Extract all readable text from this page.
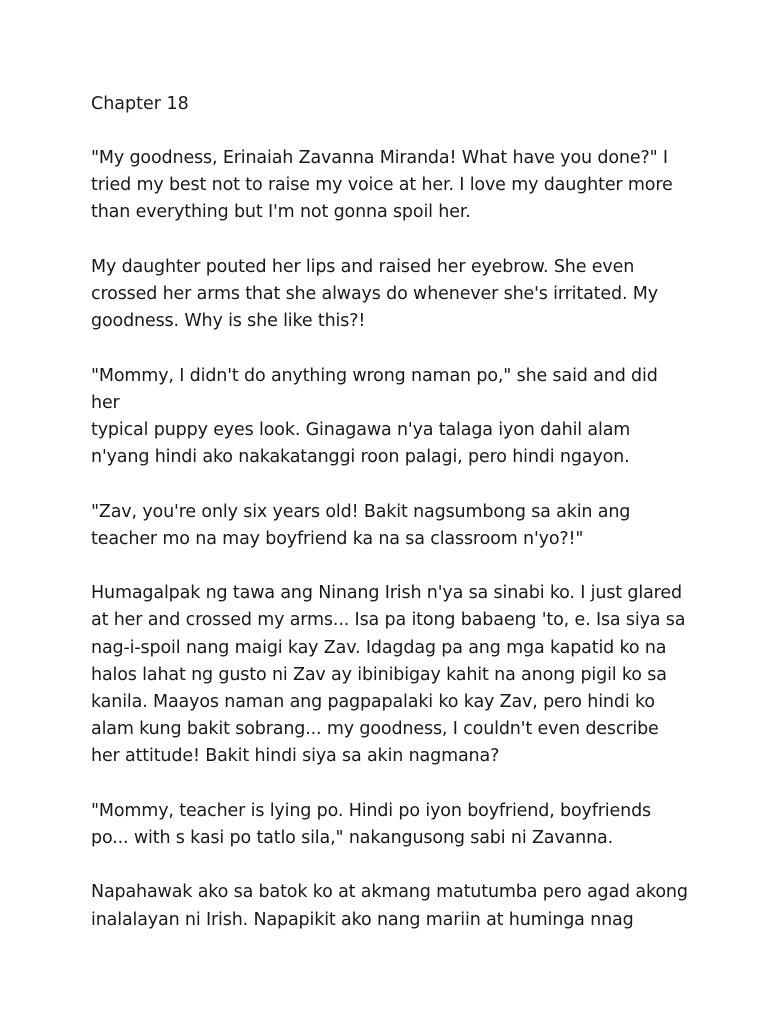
Chapter 18

"My goodness, Erinaiah Zavanna Miranda! What have you done?" I
tried my best not to raise my voice at her. I love my daughter more
than everything but I'm not gonna spoil her.

My daughter pouted her lips and raised her eyebrow. She even
crossed her arms that she always do whenever she's irritated. My
goodness. Why is she like this?!

"Mommy, I didn't do anything wrong naman po," she said and did her
typical puppy eyes look. Ginagawa n'ya talaga iyon dahil alam
n'yang hindi ako nakakatanggi roon palagi, pero hindi ngayon.

"Zav, you're only six years old! Bakit nagsumbong sa akin ang
teacher mo na may boyfriend ka na sa classroom n'yo?!"

Humagalpak ng tawa ang Ninang Irish n'ya sa sinabi ko. I just glared
at her and crossed my arms... Isa pa itong babaeng 'to, e. Isa siya sa
nag-i-spoil nang maigi kay Zav. Idagdag pa ang mga kapatid ko na
halos lahat ng gusto ni Zav ay ibinibigay kahit na anong pigil ko sa
kanila. Maayos naman ang pagpapalaki ko kay Zav, pero hindi ko
alam kung bakit sobrang... my goodness, I couldn't even describe
her attitude! Bakit hindi siya sa akin nagmana?

"Mommy, teacher is lying po. Hindi po iyon boyfriend, boyfriends
po... with s kasi po tatlo sila," nakangusong sabi ni Zavanna.

Napahawak ako sa batok ko at akmang matutumba pero agad akong
inalalayan ni Irish. Napapikit ako nang mariin at huminga nnag
